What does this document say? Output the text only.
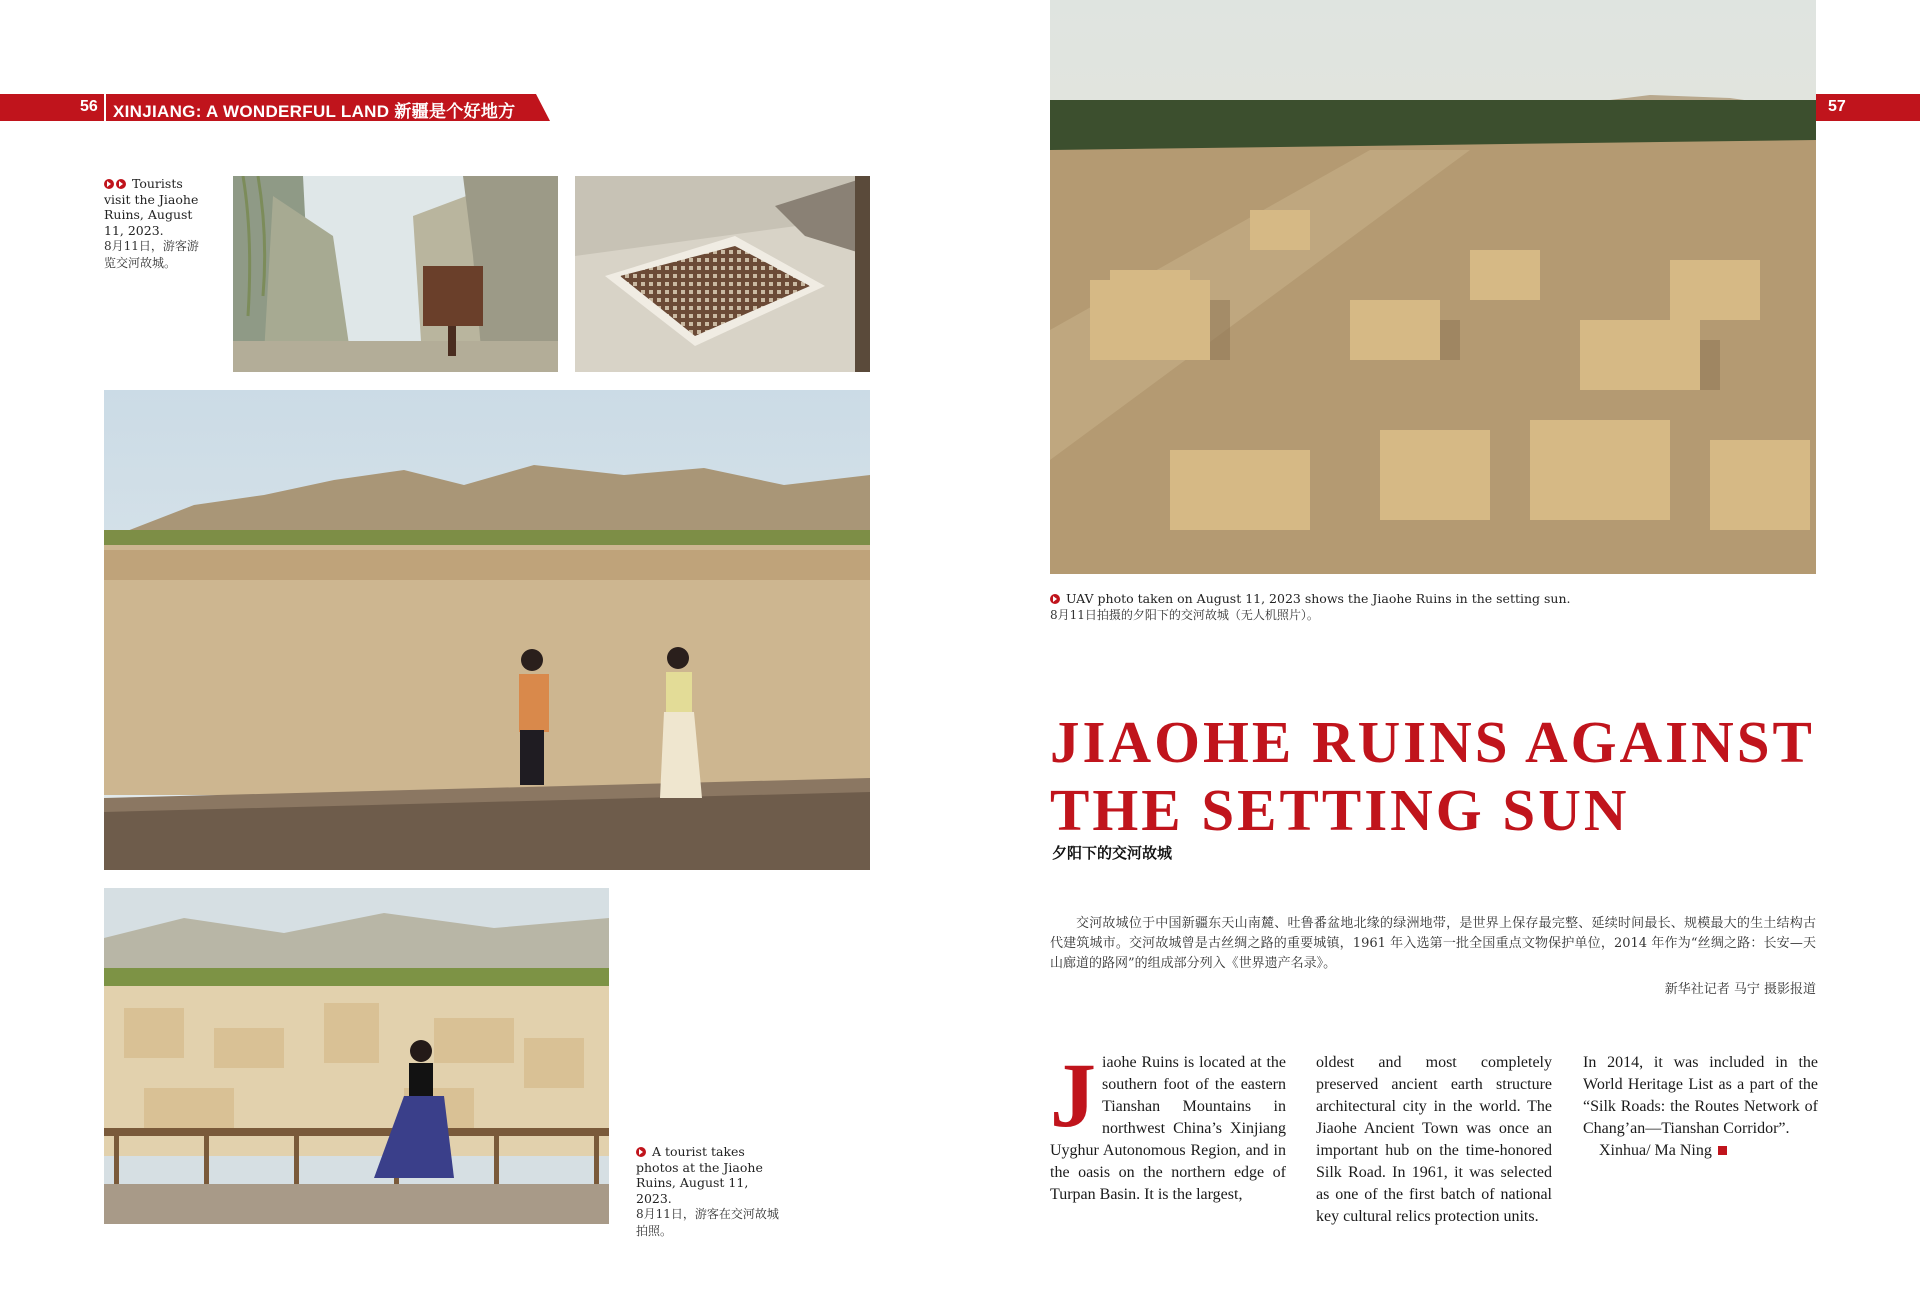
56 XINJIANG: A WONDERFUL LAND 新疆是个好地方	57
Tourists visit the Jiaohe Ruins, August 11, 2023.
8月11日，游客游览交河故城。
A tourist takes photos at the Jiaohe Ruins, August 11, 2023.
8月11日，游客在交河故城拍照。
UAV photo taken on August 11, 2023 shows the Jiaohe Ruins in the setting sun.
8月11日拍摄的夕阳下的交河故城（无人机照片）。
JIAOHE RUINS AGAINST
THE SETTING SUN
夕阳下的交河故城
交河故城位于中国新疆东天山南麓、吐鲁番盆地北缘的绿洲地带，是世界上保存最完整、延续时间最长、规模最大的生土结构古代建筑城市。交河故城曾是古丝绸之路的重要城镇，1961 年入选第一批全国重点文物保护单位，2014 年作为“丝绸之路：长安—天山廊道的路网”的组成部分列入《世界遗产名录》。
新华社记者 马宁 摄影报道
J iaohe Ruins is located at the southern foot of the eastern Tianshan Mountains in northwest China’s Xinjiang Uyghur Autonomous Region, and in the oasis on the northern edge of Turpan Basin. It is the largest,
oldest and most completely preserved ancient earth structure architectural city in the world. The Jiaohe Ancient Town was once an important hub on the time-honored Silk Road. In 1961, it was selected as one of the first batch of national key cultural relics protection units.
In 2014, it was included in the World Heritage List as a part of the “Silk Roads: the Routes Network of Chang’an—Tianshan Corridor”.
Xinhua/ Ma Ning
